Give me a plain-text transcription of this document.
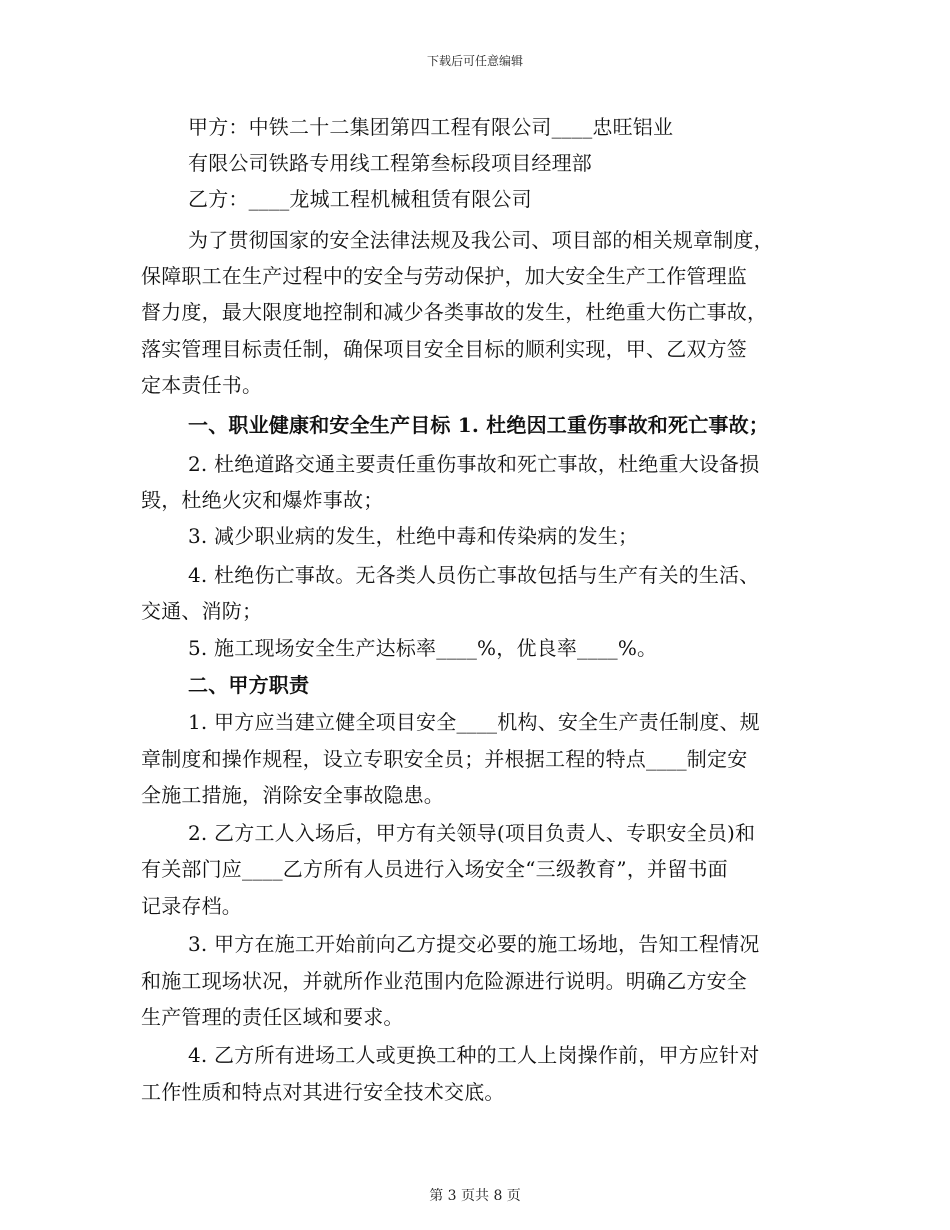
下载后可任意编辑
甲方：中铁二十二集团第四工程有限公司____忠旺铝业
有限公司铁路专用线工程第叁标段项目经理部
乙方：____龙城工程机械租赁有限公司
为了贯彻国家的安全法律法规及我公司、项目部的相关规章制度，
保障职工在生产过程中的安全与劳动保护，加大安全生产工作管理监
督力度，最大限度地控制和减少各类事故的发生，杜绝重大伤亡事故，
落实管理目标责任制，确保项目安全目标的顺利实现，甲、乙双方签
定本责任书。
一、职业健康和安全生产目标 1. 杜绝因工重伤事故和死亡事故；
2. 杜绝道路交通主要责任重伤事故和死亡事故，杜绝重大设备损
毁，杜绝火灾和爆炸事故；
3. 减少职业病的发生，杜绝中毒和传染病的发生；
4. 杜绝伤亡事故。无各类人员伤亡事故包括与生产有关的生活、
交通、消防；
5. 施工现场安全生产达标率____%，优良率____%。
二、甲方职责
1. 甲方应当建立健全项目安全____机构、安全生产责任制度、规
章制度和操作规程，设立专职安全员；并根据工程的特点____制定安
全施工措施，消除安全事故隐患。
2. 乙方工人入场后，甲方有关领导(项目负责人、专职安全员)和
有关部门应____乙方所有人员进行入场安全“三级教育”，并留书面
记录存档。
3. 甲方在施工开始前向乙方提交必要的施工场地，告知工程情况
和施工现场状况，并就所作业范围内危险源进行说明。明确乙方安全
生产管理的责任区域和要求。
4. 乙方所有进场工人或更换工种的工人上岗操作前，甲方应针对
工作性质和特点对其进行安全技术交底。
第 3 页共 8 页
